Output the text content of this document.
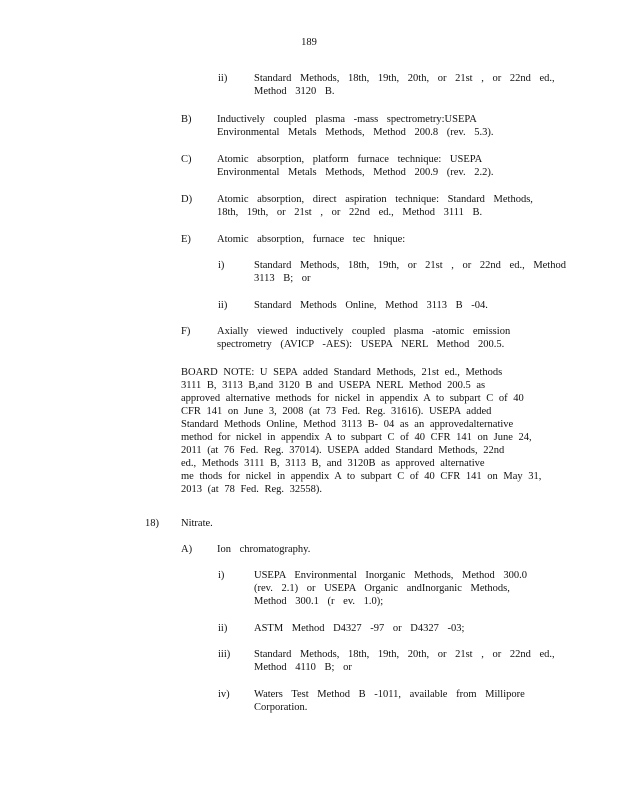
189
ii)	Standard Methods, 18th, 19th, 20th, or 21st , or 22nd ed.,
Method 3120 B.
B) Inductively coupled plasma -mass spectrometry:USEPA
Environmental Metals Methods, Method 200.8 (rev. 5.3).
C) Atomic absorption, platform furnace technique: USEPA
Environmental Metals Methods, Method 200.9 (rev. 2.2).
D) Atomic absorption, direct aspiration technique: Standard Methods,
18th, 19th, or 21st , or 22nd ed., Method 3111 B.
E) Atomic absorption, furnace tec hnique:
i)	Standard Methods, 18th, 19th, or 21st , or 22nd ed., Method
3113 B; or
ii)	Standard Methods Online, Method 3113 B -04.
F)	Axially viewed inductively coupled plasma -atomic emission
spectrometry (AVICP -AES): USEPA NERL Method 200.5.
BOARD NOTE: U SEPA added Standard Methods, 21st ed., Methods
3111 B, 3113 B,and 3120 B and USEPA NERL Method 200.5 as
approved alternative methods for nickel in appendix A to subpart C of 40
CFR 141 on June 3, 2008 (at 73 Fed. Reg. 31616). USEPA added
Standard Methods Online, Method 3113 B- 04 as an approvedalternative
method for nickel in appendix A to subpart C of 40 CFR 141 on June 24,
2011 (at 76 Fed. Reg. 37014). USEPA added Standard Methods, 22nd
ed., Methods 3111 B, 3113 B, and 3120B as approved alternative
me thods for nickel in appendix A to subpart C of 40 CFR 141 on May 31,
2013 (at 78 Fed. Reg. 32558).
18) Nitrate.
A) Ion chromatography.
i)	USEPA Environmental Inorganic Methods, Method 300.0
(rev. 2.1) or USEPA Organic andInorganic Methods,
Method 300.1 (r ev. 1.0);
ii)	ASTM Method D4327 -97 or D4327 -03;
iii) Standard Methods, 18th, 19th, 20th, or 21st , or 22nd ed.,
Method 4110 B; or
iv) Waters Test Method B -1011, available from Millipore
Corporation.
